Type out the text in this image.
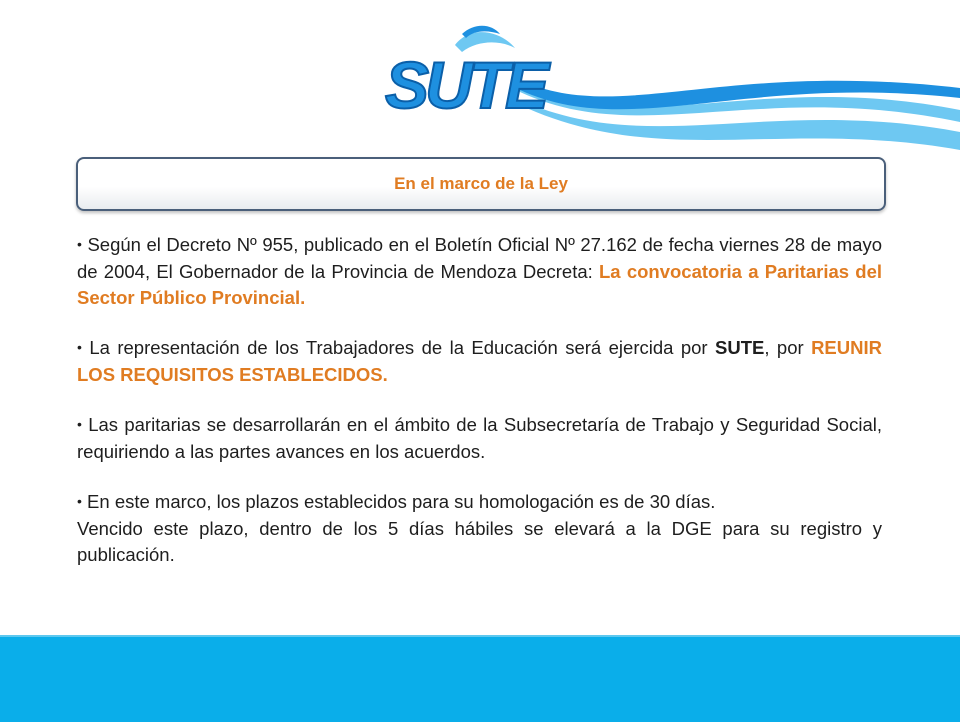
SUTE
En el marco de la Ley

• Según el Decreto Nº 955, publicado en el Boletín Oficial Nº 27.162 de fecha viernes 28 de mayo de 2004, El Gobernador de la Provincia de Mendoza Decreta: La convocatoria a Paritarias del Sector Público Provincial.

• La representación de los Trabajadores de la Educación será ejercida por SUTE, por REUNIR LOS REQUISITOS ESTABLECIDOS.

• Las paritarias se desarrollarán en el ámbito de la Subsecretaría de Trabajo y Seguridad Social, requiriendo a las partes avances en los acuerdos.

• En este marco, los plazos establecidos para su homologación es de 30 días.
Vencido este plazo, dentro de los 5 días hábiles se elevará a la DGE para su registro y publicación.
